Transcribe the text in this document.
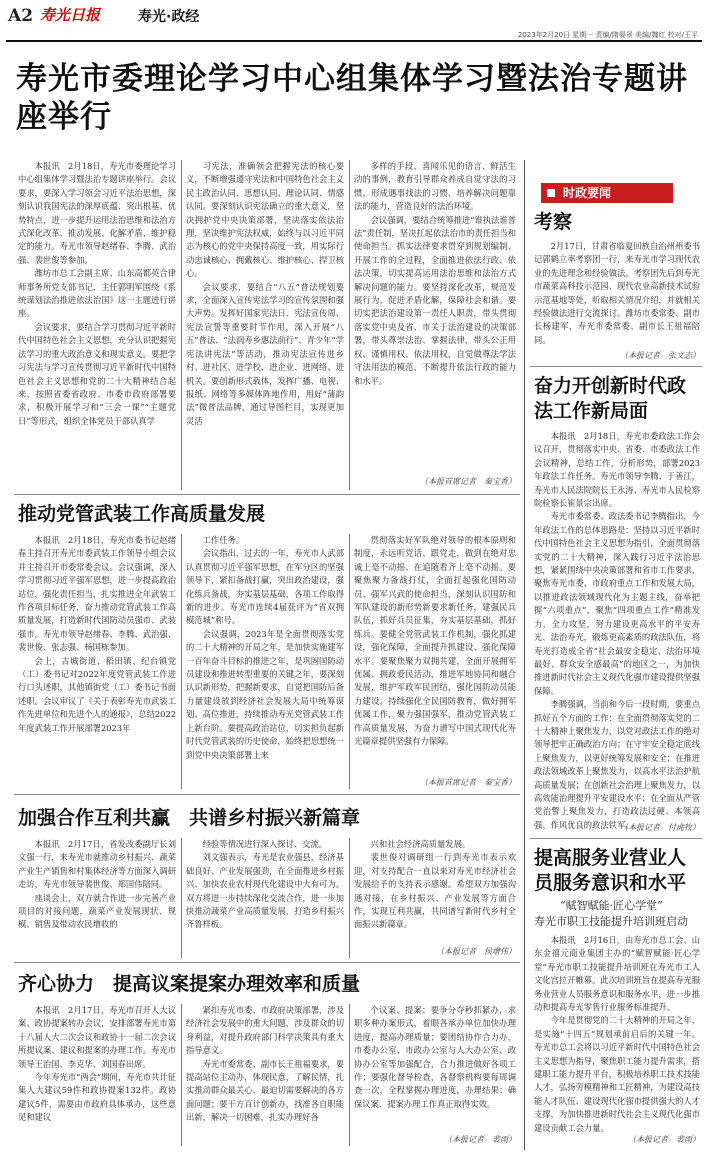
A2 寿光日报	寿光·政经
2023年2月20日 星期一 责编/隋晏景 美编/魏红 校对/王平
寿光市委理论学习中心组集体学习暨法治专题讲座举行

本报讯　2月18日，寿光市委理论学习中心组集体学习暨法治专题讲座举行。会议要求，要深入学习领会习近平法治思想，深刻认识我国宪法的深厚底蕴、突出根基、优势特点，进一步提升运用法治思维和法治方式深化改革、推动发展、化解矛盾、维护稳定的能力。寿光市领导赵绪春、李腾、武治强、裴世俊等参加。

潍坊市总工会副主席、山东高都英合律师事务所党支部书记、主任郭明军围绕《系统谋划法治推进依法治国》这一主题进行讲座。

会议要求，要结合学习贯彻习近平新时代中国特色社会主义思想，充分认识把握宪法学习的重大政治意义和现实意义。要把学习宪法与学习宣传贯彻习近平新时代中国特色社会主义思想和党的二十大精神结合起来，按照省委省政府、市委市政府部署要求，积极开展学习和“三会一课”“主题党日”等形式，组织全体党员干部认真学

习宪法，准确领会把握宪法的核心要义，不断增强遵守宪法和中国特色社会主义民主政治认同、思想认同、理论认同、情感认同。要深刻认识宪法确立的重大意义，坚决拥护党中央决策部署，坚决落实依法治理，坚决维护宪法权威，始终与以习近平同志为核心的党中央保持高度一致，用实际行动忠诚核心、拥戴核心、维护核心、捍卫核心。

会议要求，要结合“八五”普法规划要求，全面深入宣传宪法学习的宣传氛围和强大声势。发挥好国家宪法日、宪法宣传周、宪法宣誓等重要时节作用，深入开展“八五”普法、“法润寿乡惠法前行”、青少年“学宪法讲宪法”等活动，推动宪法宣传进乡村、进社区、进学校、进企业、进网络、进机关。要创新形式载体，发挥广播、电视、报纸、网络等多媒体阵地作用，用好“蒲韵法”微普法品牌，通过导图栏目，实现更加灵活

多样的手段、喜闻乐见的语言、鲜活生动的事例，教育引导群众养成自觉守法的习惯、形成遇事找法的习惯、培养解决问题靠法的能力，营造良好的法治环境。

会议强调，要结合统筹推进“谁执法谁普法”责任制，坚决扛起依法治市的责任担当和使命担当。抓实法律要求贯穿到规划编制、开展工作的全过程，全面推进依法行政、依法决策，切实提高运用法治思维和法治方式解决问题的能力。要坚持深化改革，规范发展行为，促进矛盾化解，保障社会和谐。要切实把法治建设第一责任人职责，带头贯彻落实党中央及省、市关于法治建设的决策部署，带头尊崇法治、掌握法律，带头公正用权、谨慎用权、依法用权，自觉做尊法学法守法用法的模范，不断提升依法行政的能力和水平。

（本报首席记者　秦宝香）
推动党管武装工作高质量发展

本报讯　2月18日，寿光市委书记赵绪春主持召开寿光市委武装工作领导小组会议并主持召开市委常委会议。会议强调，深入学习贯彻习近平强军思想，进一步提高政治站位，强化责任担当，扎实推进全年武装工作各项目标任务，奋力推动党管武装工作高质量发展，打造新时代国防动员强市、武装强市。寿光市领导赵绪春、李腾、武治强、裴世俊、张志强、杨国栋参加。

会上，古城街道、稻田镇、纪台镇党（工）委书记对2022年度党管武装工作进行口头述职，其他镇街党（工）委书记书面述职。会议审议了《关于表彰寿光市武装工作先进单位和先进个人的通报》，总结2022年度武装工作开展部署2023年

工作任务。

会议指出，过去的一年，寿光市人武部认真贯彻习近平强军思想，在军分区的坚强领导下，紧扣备战打赢，突出政治建设，强化练兵备战，夯实基层基础，各项工作取得新的进步。寿光市连续4届获评为“省双拥模范城”称号。

会议强调，2023年是全面贯彻落实党的二十大精神的开局之年，是加快实施建军一百年奋斗目标的推进之年，是巩固国防动员建设和推进转型重要的关键之年，要深刻认识新形势，把握新要求，自觉把国防后备力量建设放到经济社会发展大局中统筹谋划、高位推进，持续推动寿光党管武装工作上新台阶。要提高政治站位，切实担负起新时代党管武装的历史使命，始终把思想统一到党中央决策部署上来

贯彻落实好军队绝对领导的根本原则和制度，永远听党话、跟党走，做到在绝对忠诚上毫不动摇、在追随看齐上毫不动摇。要聚焦聚力备战打仗，全面扛起强化国防动员、强军兴武的使命担当，深刻认识国防和军队建设的新形势新要求新任务，建强民兵队伍，抓好兵员征集，夯实基层基础，抓好练兵。要健全党管武装工作机制，强化抓建设，强化保障，全面提升抓建设、强化保障水平。要聚焦聚力双拥共建，全面开展拥军优属、拥政爱民活动，推进军地协同和融合发展，维护军政军民团结，强化国防动员能力建设，持续强化全民国防教育，做好拥军优属工作，聚力强国强军，推动党管武装工作高质量发展，为奋力谱写中国式现代化寿光篇章提供坚强有力保障。

（本报首席记者　秦宝香）
加强合作互利共赢　共谱乡村振兴新篇章

本报讯　2月17日，省发改委副厅长刘文强一行，来寿光市就推动乡村振兴、蔬菜产业生产销售和村集体经济等方面深入调研走访，寿光市领导裴世俊、郑国伟陪同。

座谈会上，双方就合作进一步完善产业项目的对接问题，蔬菜产业发展现状、规模、销售及带动农民增收的

经验等情况进行深入探讨、交流。

刘文强表示，寿光是农业强县，经济基础良好、产业发展强劲，在全面推进乡村振兴、加快农业农村现代化建设中大有可为。双方将进一步持续深化交流合作，进一步加快推动蔬菜产业高质量发展，打造乡村振兴齐鲁样板。

兴和社会经济高质量发展。

裴世俊对调研组一行到寿光市表示欢迎，对支持配合一直以来对寿光市经济社会发展给予的支持表示感谢。希望双方加强沟通对接，在乡村振兴、产业发展等方面合作，实现互利共赢，共同谱写新时代乡村全面振兴新篇章。

（本报记者　侯增伟）
齐心协力　提高议案提案办理效率和质量

本报讯　2月17日，寿光市召开人大议案、政协提案转办会议，安排部署寿光市第十八届人大二次会议和政协十一届二次会议所提议案、建议和提案的办理工作。寿光市领导王治国、李克华、刘国春出席。

今年寿光市“两会”期间，寿光市共计征集人大建议59件和政协提案132件。政协建议5件，需要由市政府具体承办，这些意见和建议

紧扣寿光市委、市政府决策部署，涉及经济社会发展中的重大问题，涉及群众的切身利益，对提升政府部门科学决策具有重大指导意义。

寿光市委常委、副市长王祖福要求，要提高站位主动办，体现民意，了解民情，扎实推动群众最关心、最迫切需要解决的各方面问题；要干方百计创新办，找准各自职能出新，解决一切困难，扎实办理好各

个议案、提案；要争分夺秒抓紧办，求职多种办案形式，着眼各承办单位加快办理进度，提高办理质量；要团结协作合力办，市委办公室、市政办公室与人大办公室、政协办公室等加强配合，合力推进做好各项工作；要强化督导检查，各督察机构要每周调查一次，全程掌握办理进度，办理结果；确保议案、提案办理工作真正取得实效。

（本报记者　裴雨）
时政要闻
考察

2月17日，甘肃省临夏回族自治州州委书记郭鹤立率考察团一行，来寿光市学习现代农业的先进理念和经验做法。考察团先后到寿光市蔬菜高科技示范园、现代农业高新技术试验示范基地等处，听取相关情况介绍，并就相关经验做法进行交流探讨。潍坊市委常委、副市长杨建军，寿光市委常委、副市长王祖福陪同。

（本报记者　张文志）
奋力开创新时代政法工作新局面

本报讯　2月18日，寿光市委政法工作会议召开，贯彻落实中央、省委、市委政法工作会议精神，总结工作，分析形势，部署2023年政法工作任务。寿光市领导李腾、于善江，寿光市人民法院院长王永涛、寿光市人民检察院检察长崔景宗出席。

寿光市委常委、政法委书记李腾指出，今年政法工作的总体思路是：坚持以习近平新时代中国特色社会主义思想为指引，全面贯彻落实党的二十大精神，深入践行习近平法治思想，紧紧围绕中央决策部署和省市工作要求，聚焦寿光市委、市政府重点工作和发展大局，以推进政法领域现代化为主题主线，奋举把握“六项重点”，聚焦“四项重点工作”精准发力，全力攻坚，努力建设更高水平的平安寿光、法治寿光，锻炼更高素质的政法队伍，将寿光打造成全省“社会最安全稳定、法治环境最好、群众安全感最高”的地区之一，为加快推进新时代社会主义现代化强市建设提供坚强保障。

李腾强调，当前和今后一段时期，要重点抓好五个方面的工作：在全面贯彻落实党的二十大精神上聚焦发力，以党对政法工作的绝对领导把牢正确政治方向；在守牢安全稳定底线上聚焦发力，以更好统筹发展和安全；在推进政法领域改革上聚焦发力，以高水平法治护航高质量发展；在创新社会治理上聚焦发力，以高效能治理提升平安建设水平；在全面从严管党治警上聚焦发力，打造政法过硬、本领高强、作风优良的政法铁军。

（本报记者　付虎牧）
提高服务业营业人员服务意识和水平
“赋智赋能·匠心学堂”
寿光市职工技能提升培训班启动

本报讯　2月16日，由寿光市总工会、山东金禧元商业集团主办的“赋智赋能·匠心学堂”寿光市职工技能提升培训班在寿光市工人文化宫拉开帷幕。此次培训班旨在提高寿光服务业营业人员服务意识和服务水平，进一步推动和提高寿光零售行业服务标准提升。

今年是贯彻党的二十大精神的开局之年，是实施“十四五”规划承前启后的关键一年。寿光市总工会将以习近平新时代中国特色社会主义思想为指导，聚焦职工能力提升需求，搭建职工能力提升平台，积极培养职工技术技能人才，弘扬劳模精神和工匠精神，为建设高技能人才队伍、建设现代化强市提供强大的人才支撑，为加快推进新时代社会主义现代化强市建设贡献工会力量。

（本报记者　裴雨）
